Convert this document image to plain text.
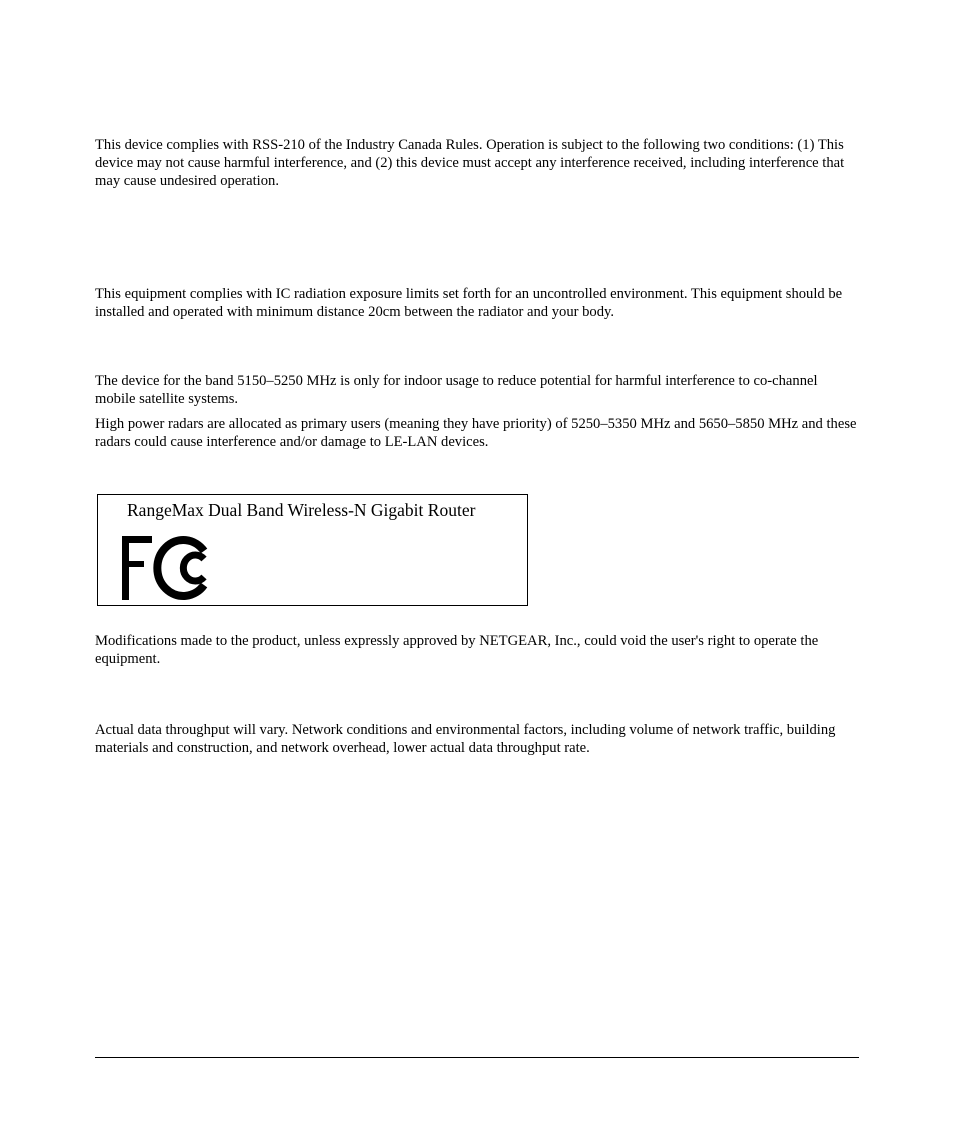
This device complies with RSS-210 of the Industry Canada Rules. Operation is subject to the following two conditions: (1) This device may not cause harmful interference, and (2) this device must accept any interference received, including interference that may cause undesired operation.

This equipment complies with IC radiation exposure limits set forth for an uncontrolled environment. This equipment should be installed and operated with minimum distance 20cm between the radiator and your body.

The device for the band 5150–5250 MHz is only for indoor usage to reduce potential for harmful interference to co-channel mobile satellite systems.

High power radars are allocated as primary users (meaning they have priority) of 5250–5350 MHz and 5650–5850 MHz and these radars could cause interference and/or damage to LE-LAN devices.

RangeMax Dual Band Wireless-N Gigabit Router

Modifications made to the product, unless expressly approved by NETGEAR, Inc., could void the user's right to operate the equipment.

Actual data throughput will vary. Network conditions and environmental factors, including volume of network traffic, building materials and construction, and network overhead, lower actual data throughput rate.
